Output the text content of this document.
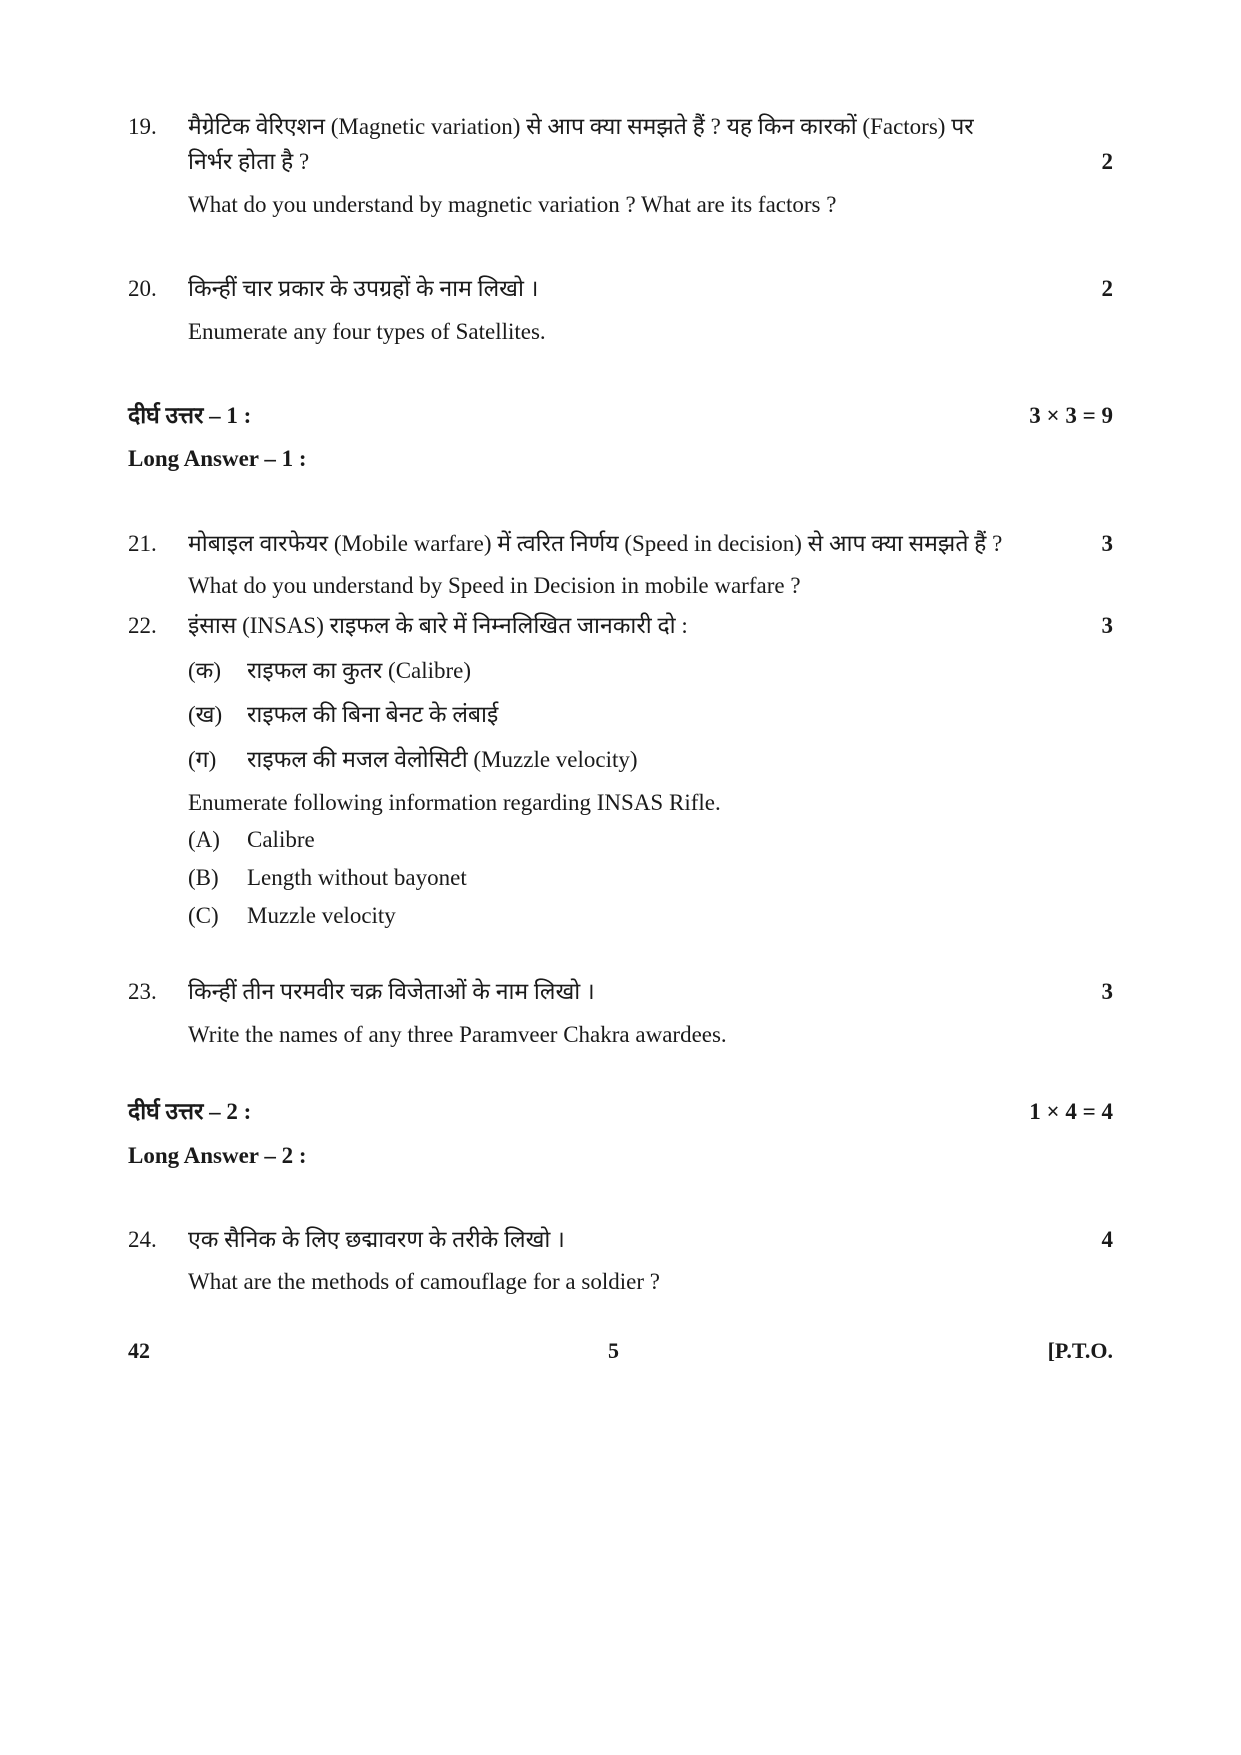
19. मैग्रेटिक वेरिएशन (Magnetic variation) से आप क्या समझते हैं ? यह किन कारकों (Factors) पर
निर्भर होता है ?	2
What do you understand by magnetic variation ? What are its factors ?
20. किन्हीं चार प्रकार के उपग्रहों के नाम लिखो ।	2
Enumerate any four types of Satellites.
दीर्घ उत्तर – 1 :	3 × 3 = 9
Long Answer – 1 :
21. मोबाइल वारफेयर (Mobile warfare) में त्वरित निर्णय (Speed in decision) से आप क्या समझते हैं ?	3
What do you understand by Speed in Decision in mobile warfare ?
22. इंसास (INSAS) राइफल के बारे में निम्नलिखित जानकारी दो :	3
(क) राइफल का कुतर (Calibre)
(ख) राइफल की बिना बेनट के लंबाई
(ग) राइफल की मजल वेलोसिटी (Muzzle velocity)
Enumerate following information regarding INSAS Rifle.
(A) Calibre
(B) Length without bayonet
(C) Muzzle velocity
23. किन्हीं तीन परमवीर चक्र विजेताओं के नाम लिखो ।	3
Write the names of any three Paramveer Chakra awardees.
दीर्घ उत्तर – 2 :	1 × 4 = 4
Long Answer – 2 :
24. एक सैनिक के लिए छद्मावरण के तरीके लिखो ।	4
What are the methods of camouflage for a soldier ?
42	5	[P.T.O.
